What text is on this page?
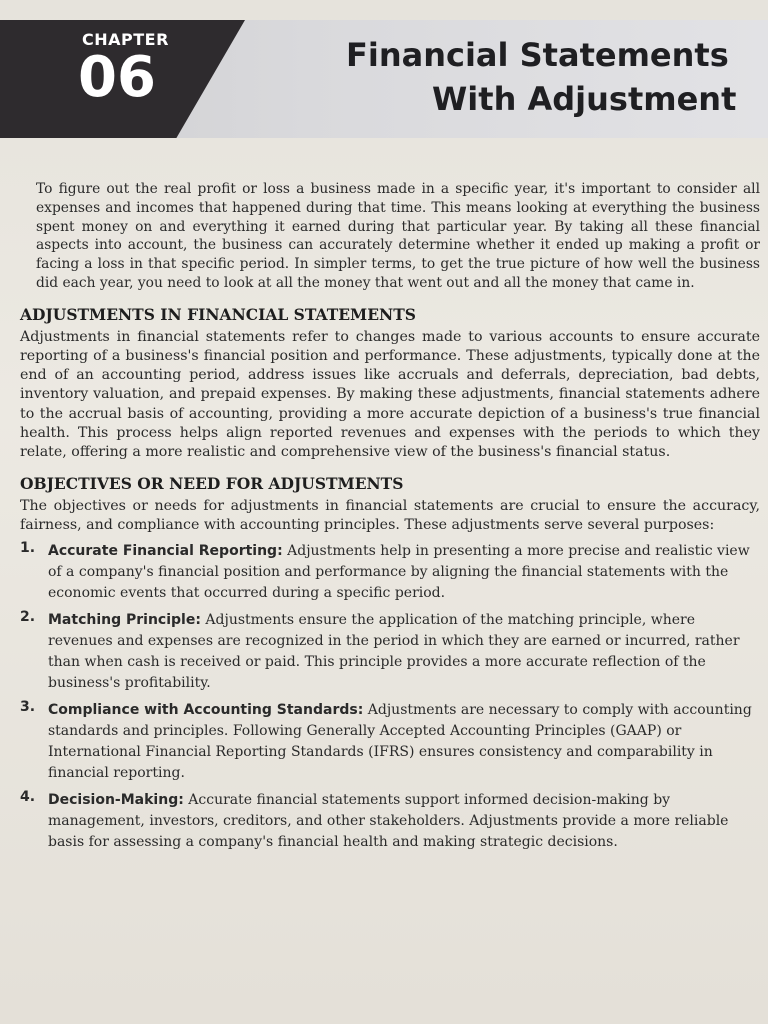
CHAPTER
06	Financial Statements
With Adjustment

To figure out the real profit or loss a business made in a specific year, it's important to consider all expenses and incomes that happened during that time. This means looking at everything the business spent money on and everything it earned during that particular year. By taking all these financial aspects into account, the business can accurately determine whether it ended up making a profit or facing a loss in that specific period. In simpler terms, to get the true picture of how well the business did each year, you need to look at all the money that went out and all the money that came in.

ADJUSTMENTS IN FINANCIAL STATEMENTS

Adjustments in financial statements refer to changes made to various accounts to ensure accurate reporting of a business's financial position and performance. These adjustments, typically done at the end of an accounting period, address issues like accruals and deferrals, depreciation, bad debts, inventory valuation, and prepaid expenses. By making these adjustments, financial statements adhere to the accrual basis of accounting, providing a more accurate depiction of a business's true financial health. This process helps align reported revenues and expenses with the periods to which they relate, offering a more realistic and comprehensive view of the business's financial status.

OBJECTIVES OR NEED FOR ADJUSTMENTS

The objectives or needs for adjustments in financial statements are crucial to ensure the accuracy, fairness, and compliance with accounting principles. These adjustments serve several purposes:

1. Accurate Financial Reporting: Adjustments help in presenting a more precise and realistic view of a company's financial position and performance by aligning the financial statements with the economic events that occurred during a specific period.
2. Matching Principle: Adjustments ensure the application of the matching principle, where revenues and expenses are recognized in the period in which they are earned or incurred, rather than when cash is received or paid. This principle provides a more accurate reflection of the business's profitability.
3. Compliance with Accounting Standards: Adjustments are necessary to comply with accounting standards and principles. Following Generally Accepted Accounting Principles (GAAP) or International Financial Reporting Standards (IFRS) ensures consistency and comparability in financial reporting.
4. Decision-Making: Accurate financial statements support informed decision-making by management, investors, creditors, and other stakeholders. Adjustments provide a more reliable basis for assessing a company's financial health and making strategic decisions.
